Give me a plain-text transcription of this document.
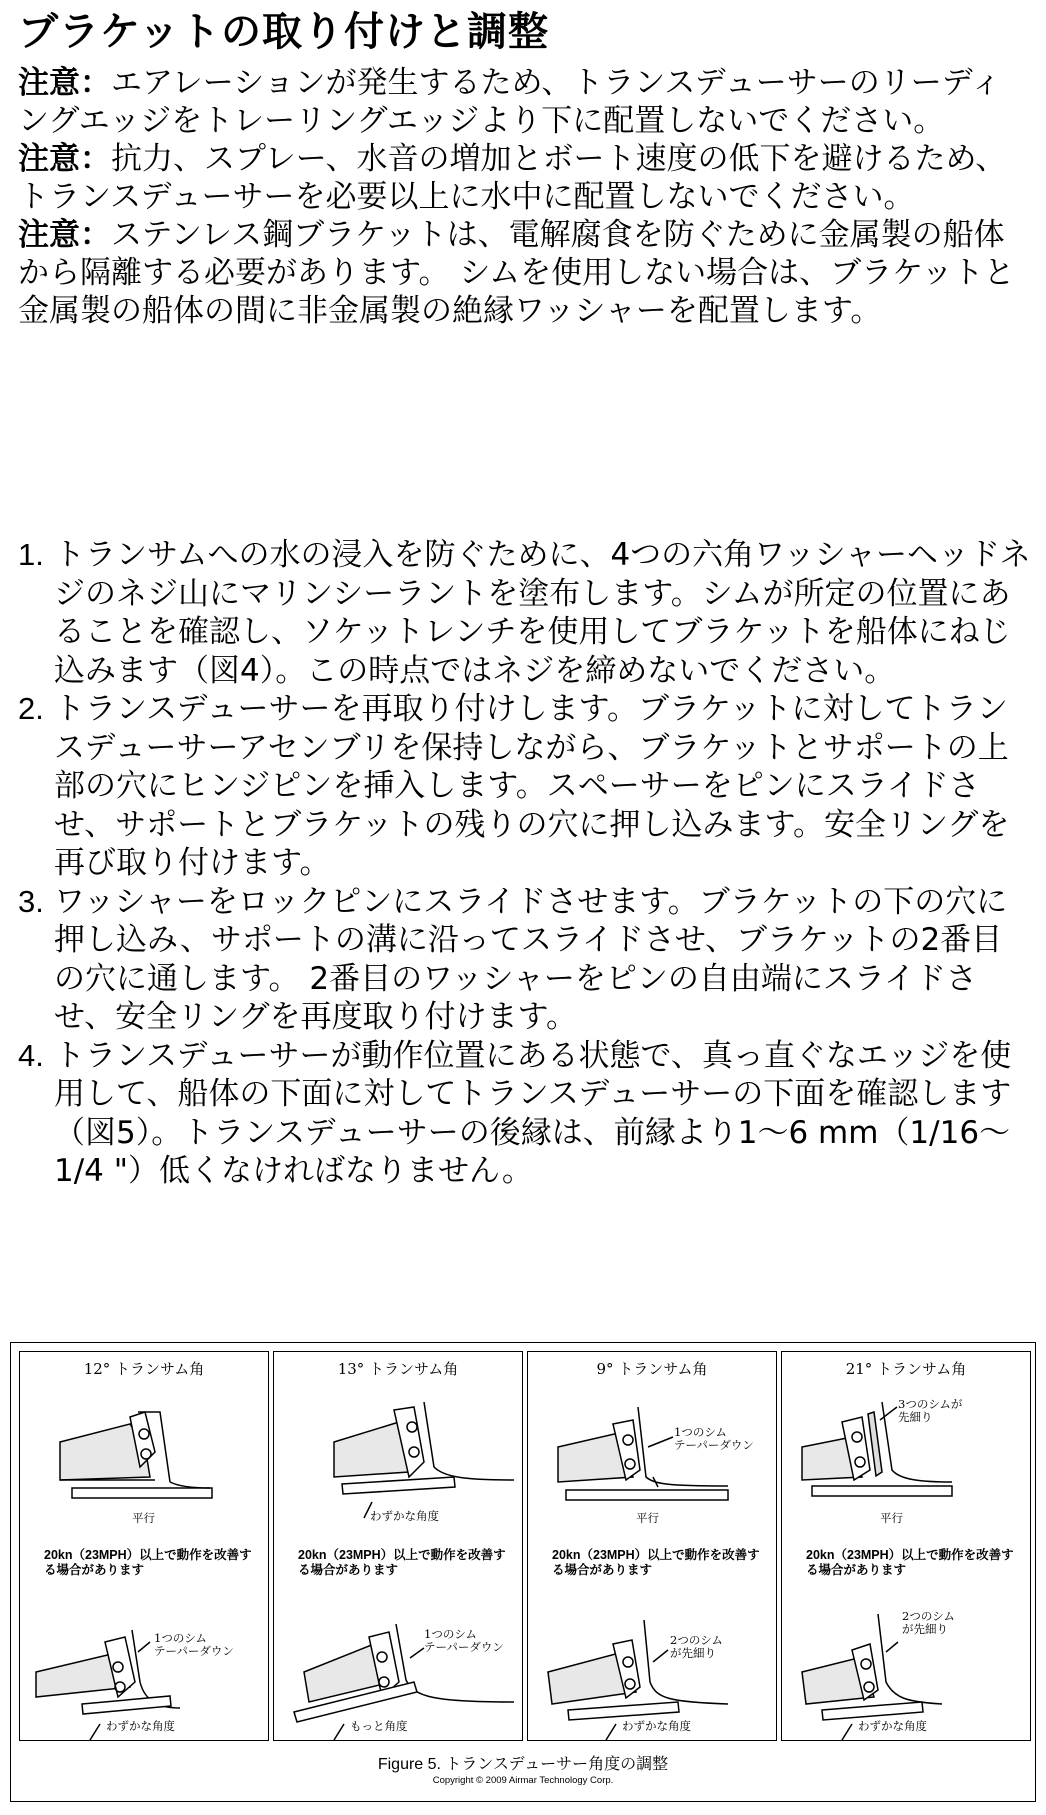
ブラケットの取り付けと調整

注意：エアレーションが発生するため、トランスデューサーのリーディングエッジをトレーリングエッジより下に配置しないでください。

注意：抗力、スプレー、水音の増加とボート速度の低下を避けるため、トランスデューサーを必要以上に水中に配置しないでください。

注意：ステンレス鋼ブラケットは、電解腐食を防ぐために金属製の船体から隔離する必要があります。 シムを使用しない場合は、ブラケットと金属製の船体の間に非金属製の絶縁ワッシャーを配置します。

1. トランサムへの水の浸入を防ぐために、4つの六角ワッシャーヘッドネジのネジ山にマリンシーラントを塗布します。シムが所定の位置にあることを確認し、ソケットレンチを使用してブラケットを船体にねじ込みます（図4）。この時点ではネジを締めないでください。
2. トランスデューサーを再取り付けします。ブラケットに対してトランスデューサーアセンブリを保持しながら、ブラケットとサポートの上部の穴にヒンジピンを挿入します。スペーサーをピンにスライドさせ、サポートとブラケットの残りの穴に押し込みます。安全リングを再び取り付けます。
3. ワッシャーをロックピンにスライドさせます。ブラケットの下の穴に押し込み、サポートの溝に沿ってスライドさせ、ブラケットの2番目の穴に通します。 2番目のワッシャーをピンの自由端にスライドさせ、安全リングを再度取り付けます。
4. トランスデューサーが動作位置にある状態で、真っ直ぐなエッジを使用して、船体の下面に対してトランスデューサーの下面を確認します（図5）。トランスデューサーの後縁は、前縁より1〜6 mm（1/16〜1/4 "）低くなければなりません。
12° トランサム角
平行
20kn（23MPH）以上で動作を改善する場合があります
1つのシム
テーパーダウン
わずかな角度
13° トランサム角
わずかな角度
20kn（23MPH）以上で動作を改善する場合があります
1つのシム
テーパーダウン
もっと角度
9° トランサム角
1つのシム
テーパーダウン
平行
20kn（23MPH）以上で動作を改善する場合があります
2つのシム
が先細り
わずかな角度
21° トランサム角
3つのシムが
先細り
平行
20kn（23MPH）以上で動作を改善する場合があります
2つのシム
が先細り
わずかな角度
Figure 5. トランスデューサー角度の調整
Copyright © 2009 Airmar Technology Corp.
